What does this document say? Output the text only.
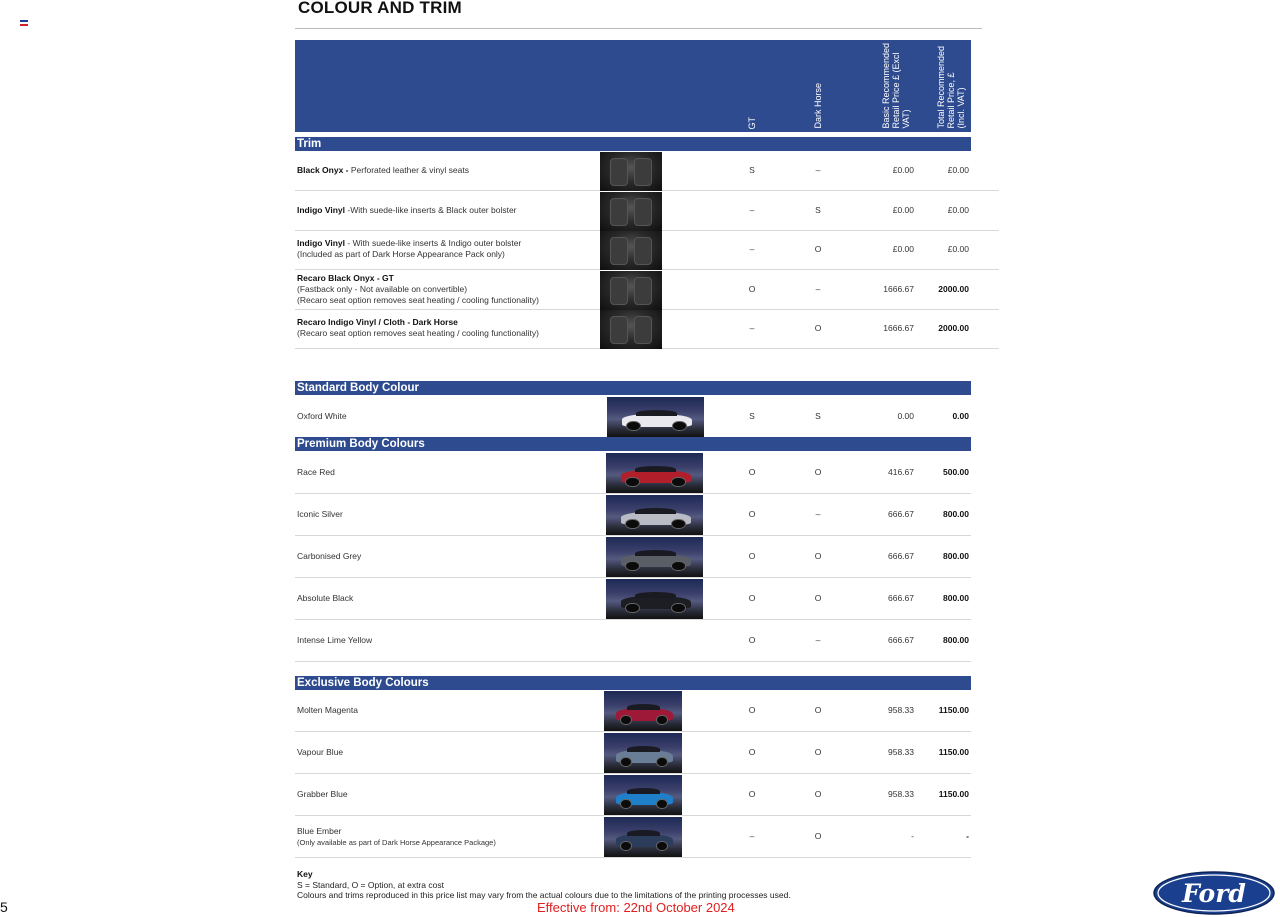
COLOUR AND TRIM
GT	Dark Horse	Basic Recommended
Retail Price £ (Excl
VAT)	Total Recommended
Retail Price, £
(Incl. VAT)
Trim
Black Onyx - Perforated leather & vinyl seats	S	–	£0.00	£0.00
Indigo Vinyl -With suede-like inserts & Black outer bolster	–	S	£0.00	£0.00
Indigo Vinyl - With suede-like inserts & Indigo outer bolster
(Included as part of Dark Horse Appearance Pack only)	–	O	£0.00	£0.00
Recaro Black Onyx - GT
(Fastback only - Not available on convertible)
(Recaro seat option removes seat heating / cooling functionality)
O	–	1666.67	2000.00
Recaro Indigo Vinyl / Cloth - Dark Horse
(Recaro seat option removes seat heating / cooling functionality)	–	O	1666.67	2000.00
Standard Body Colour
Oxford White	S	S	0.00	0.00
Premium Body Colours
Race Red	O	O	416.67	500.00
Iconic Silver	O	–	666.67	800.00
Carbonised Grey	O	O	666.67	800.00
Absolute Black	O	O	666.67	800.00
Intense Lime Yellow	O	–	666.67	800.00
Exclusive Body Colours
Molten Magenta	O	O	958.33	1150.00
Vapour Blue	O	O	958.33	1150.00
Grabber Blue	O	O	958.33	1150.00
Blue Ember
(Only available as part of Dark Horse Appearance Package)
–	O	-	-
Key
S = Standard, O = Option, at extra cost
Colours and trims reproduced in this price list may vary from the actual colours due to the limitations of the printing processes used.
Effective from: 22nd October 2024
5	Ford
